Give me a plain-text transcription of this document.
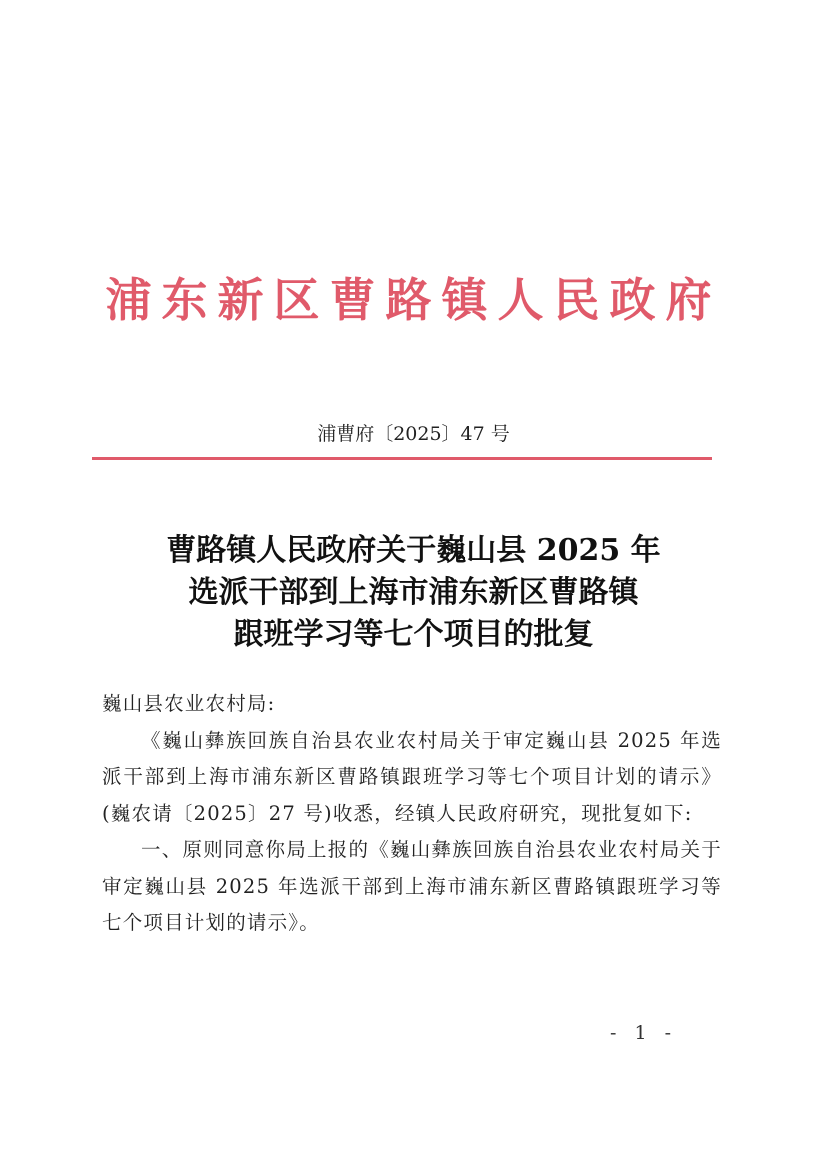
浦东新区曹路镇人民政府
浦曹府〔2025〕47 号
曹路镇人民政府关于巍山县 2025 年
选派干部到上海市浦东新区曹路镇
跟班学习等七个项目的批复

巍山县农业农村局:

《巍山彝族回族自治县农业农村局关于审定巍山县 2025 年选派干部到上海市浦东新区曹路镇跟班学习等七个项目计划的请示》(巍农请〔2025〕27 号)收悉，经镇人民政府研究，现批复如下:

一、原则同意你局上报的《巍山彝族回族自治县农业农村局关于审定巍山县 2025 年选派干部到上海市浦东新区曹路镇跟班学习等七个项目计划的请示》。

- 1 -
